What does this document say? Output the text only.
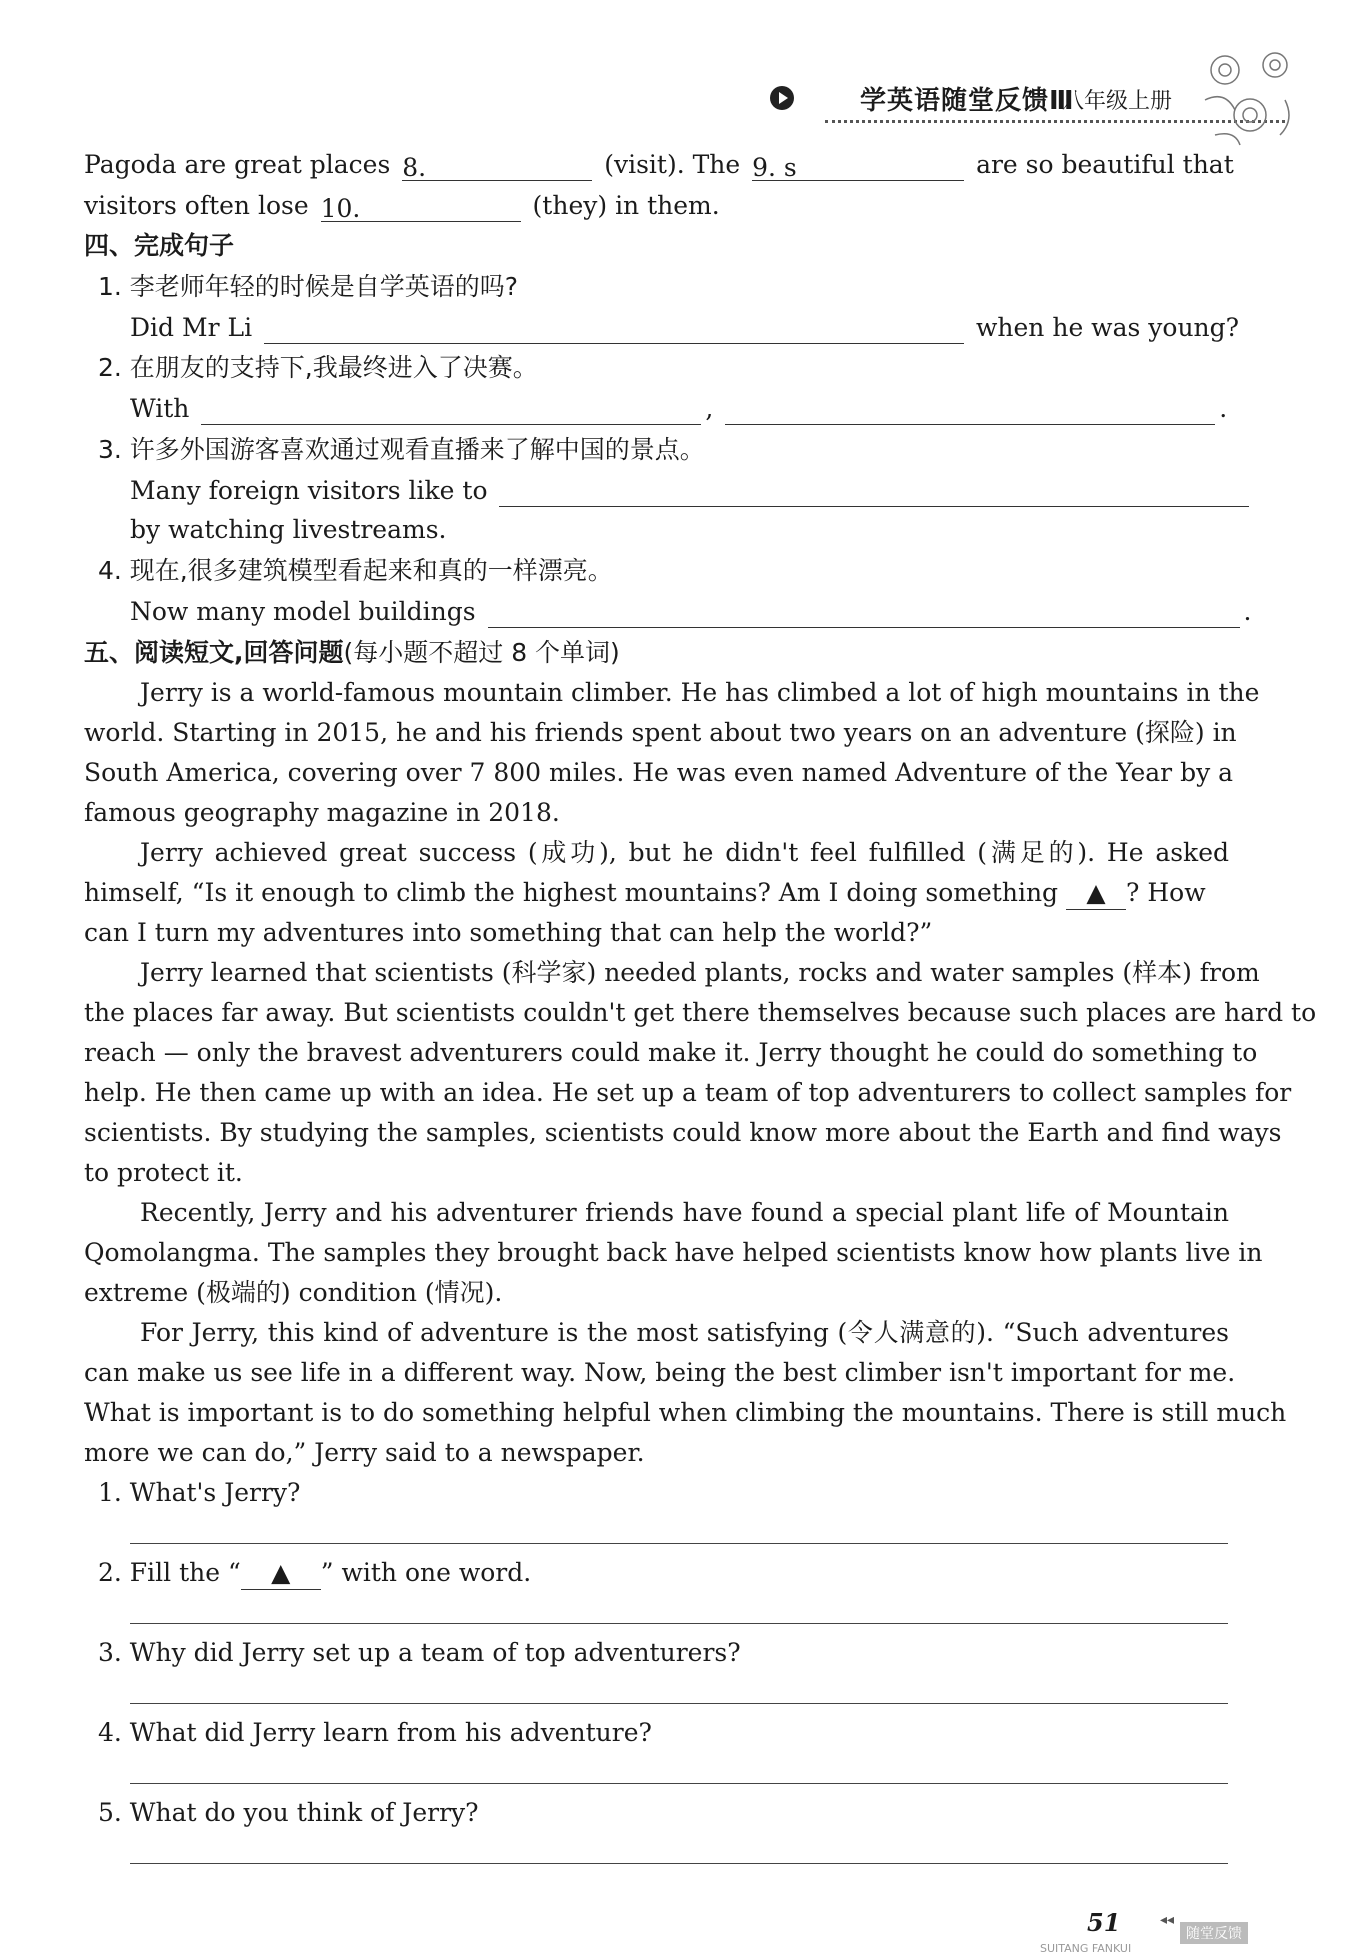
学英语随堂反馈Ⅲ
八年级上册
Pagoda are great places 8.	(visit). The 9. s	are so beautiful that
visitors often lose 10.	(they) in them.
四、完成句子
1. 李老师年轻的时候是自学英语的吗?
Did Mr Li	when he was young?
2. 在朋友的支持下,我最终进入了决赛。
With	,	.
3. 许多外国游客喜欢通过观看直播来了解中国的景点。
Many foreign visitors like to
by watching livestreams.
4. 现在,很多建筑模型看起来和真的一样漂亮。
Now many model buildings	.
五、阅读短文,回答问题(每小题不超过 8 个单词)
Jerry is a world-famous mountain climber. He has climbed a lot of high mountains in the
world. Starting in 2015, he and his friends spent about two years on an adventure (探险) in
South America, covering over 7 800 miles. He was even named Adventure of the Year by a
famous geography magazine in 2018.
Jerry achieved great success (成功), but he didn't feel fulfilled (满足的). He asked
himself, “Is it enough to climb the highest mountains? Am I doing something ▲ ? How
can I turn my adventures into something that can help the world?”
Jerry learned that scientists (科学家) needed plants, rocks and water samples (样本) from
the places far away. But scientists couldn't get there themselves because such places are hard to
reach — only the bravest adventurers could make it. Jerry thought he could do something to
help. He then came up with an idea. He set up a team of top adventurers to collect samples for
scientists. By studying the samples, scientists could know more about the Earth and find ways
to protect it.
Recently, Jerry and his adventurer friends have found a special plant life of Mountain
Qomolangma. The samples they brought back have helped scientists know how plants live in
extreme (极端的) condition (情况).
For Jerry, this kind of adventure is the most satisfying (令人满意的). “Such adventures
can make us see life in a different way. Now, being the best climber isn't important for me.
What is important is to do something helpful when climbing the mountains. There is still much
more we can do,” Jerry said to a newspaper.
1. What's Jerry?
2. Fill the “ ▲ ” with one word.
3. Why did Jerry set up a team of top adventurers?
4. What did Jerry learn from his adventure?
5. What do you think of Jerry?
51	◂◂
随堂反馈
SUITANG FANKUI
